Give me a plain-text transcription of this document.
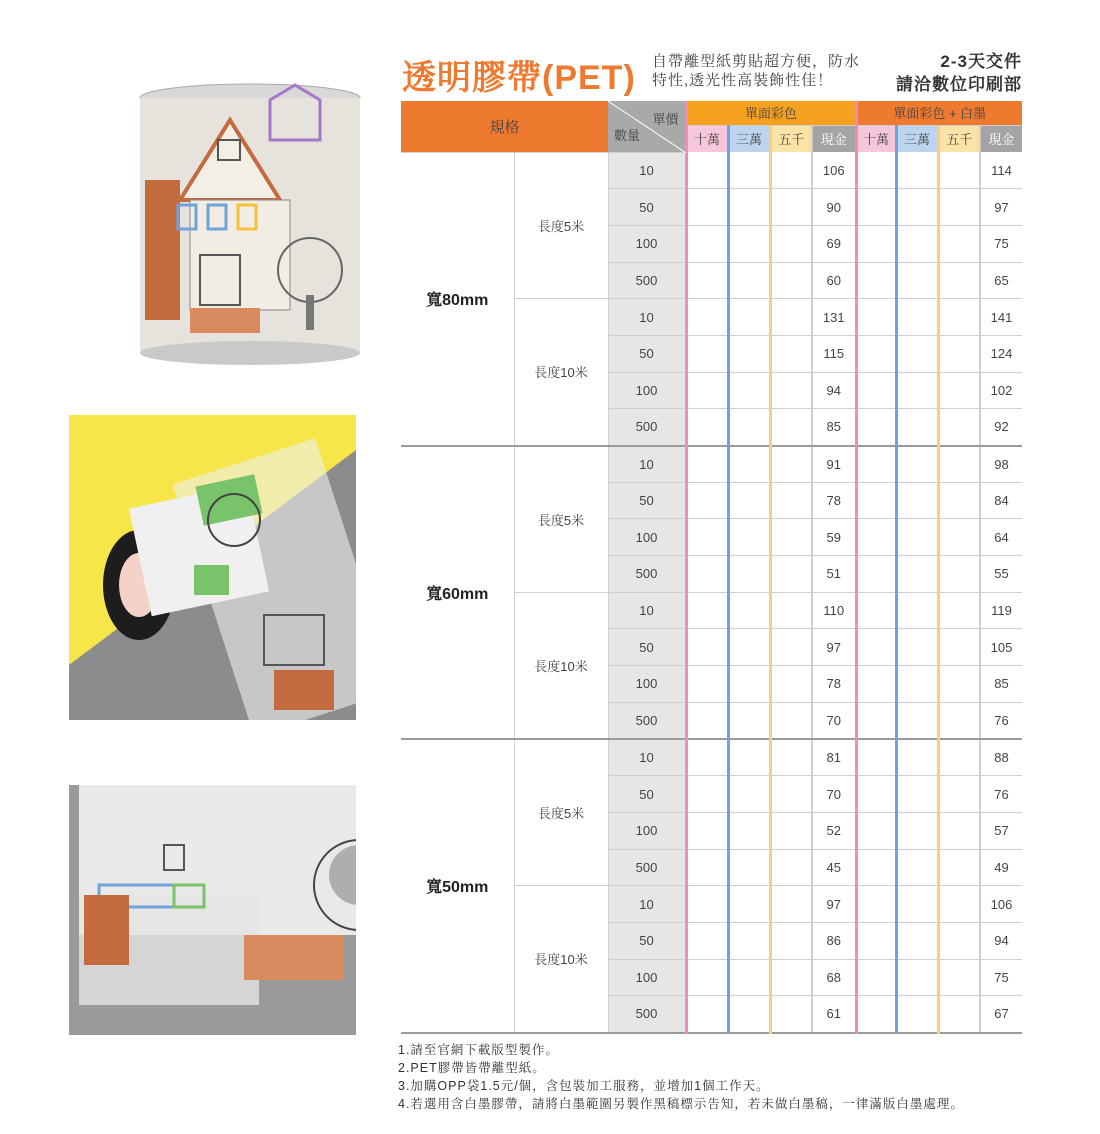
透明膠帶(PET) 自帶離型紙剪貼超方便，防水
特性,透光性高裝飾性佳！
2-3天交件
請洽數位印刷部
規格		單價
數量	單面彩色				單面彩色 + 白墨			
			十萬	三萬	五千	現金	十萬	三萬	五千	現金
寬80mm	長度5米	10				106				114
		50				90				97
		100				69				75
		500				60				65
	長度10米	10				131				141
		50				115				124
		100				94				102
		500				85				92
寬60mm	長度5米	10				91				98
		50				78				84
		100				59				64
		500				51				55
	長度10米	10				110				119
		50				97				105
		100				78				85
		500				70				76
寬50mm	長度5米	10				81				88
		50				70				76
		100				52				57
		500				45				49
	長度10米	10				97				106
		50				86				94
		100				68				75
		500				61				67
1.請至官網下載版型製作。
2.PET膠帶皆帶離型紙。
3.加購OPP袋1.5元/個，含包裝加工服務，並增加1個工作天。
4.若選用含白墨膠帶，請將白墨範圍另製作黑稿標示告知，若未做白墨稿，一律滿版白墨處理。
